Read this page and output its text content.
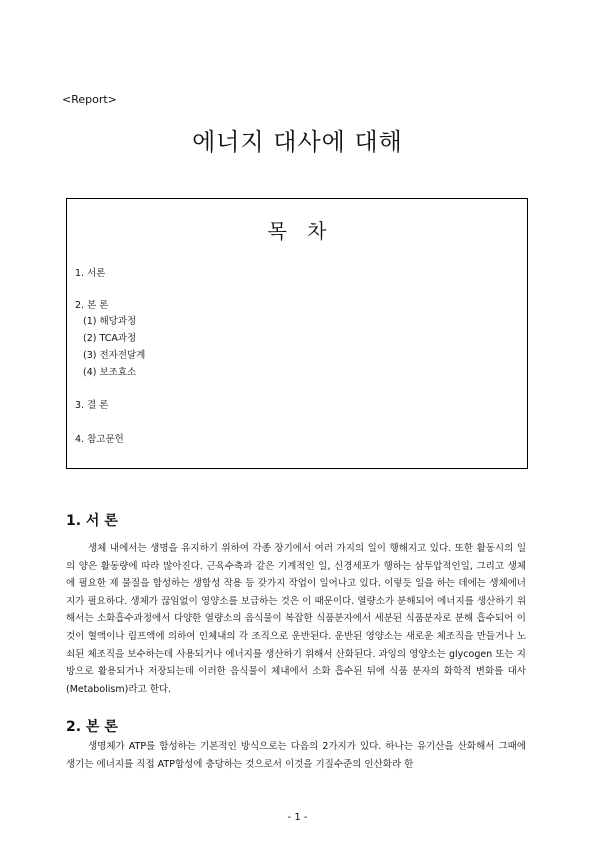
<Report>
에너지 대사에 대해
목 차
1. 서론
2. 본 론
(1) 해당과정
(2) TCA과정
(3) 전자전달계
(4) 보조효소
3. 결 론
4. 참고문헌
1. 서 론

생체 내에서는 생명을 유지하기 위하여 각종 장기에서 여러 가지의 일이 행해지고 있다. 또한 활동시의 일의 양은 활동량에 따라 많아진다. 근육수축과 같은 기계적인 일, 신경세포가 행하는 삼투압적인일, 그리고 생체에 필요한 제 물질을 합성하는 생합성 작용 등 갖가지 작업이 일어나고 있다. 이렇듯 일을 하는 데에는 생체에너지가 필요하다. 생체가 끊임없이 영양소를 보급하는 것은 이 때문이다. 열량소가 분해되어 에너지를 생산하기 위해서는 소화흡수과정에서 다양한 열량소의 음식물이 복잡한 식품분자에서 세분된 식품분자로 분해 흡수되어 이것이 혈액이나 림프액에 의하여 인체내의 각 조직으로 운반된다. 운반된 영양소는 새로운 체조직을 만들거나 노쇠된 체조직을 보수하는데 사용되거나 에너지를 생산하기 위해서 산화된다. 과잉의 영양소는 glycogen 또는 지방으로 활용되거나 저장되는데 이러한 음식물이 체내에서 소화 흡수된 뒤에 식품 분자의 화학적 변화를 대사(Metabolism)라고 한다.

2. 본 론

생명체가 ATP를 합성하는 기본적인 방식으로는 다음의 2가지가 있다. 하나는 유기산을 산화해서 그때에 생기는 에너지를 직접 ATP합성에 충당하는 것으로서 이것을 기질수준의 인산화라 한

- 1 -
